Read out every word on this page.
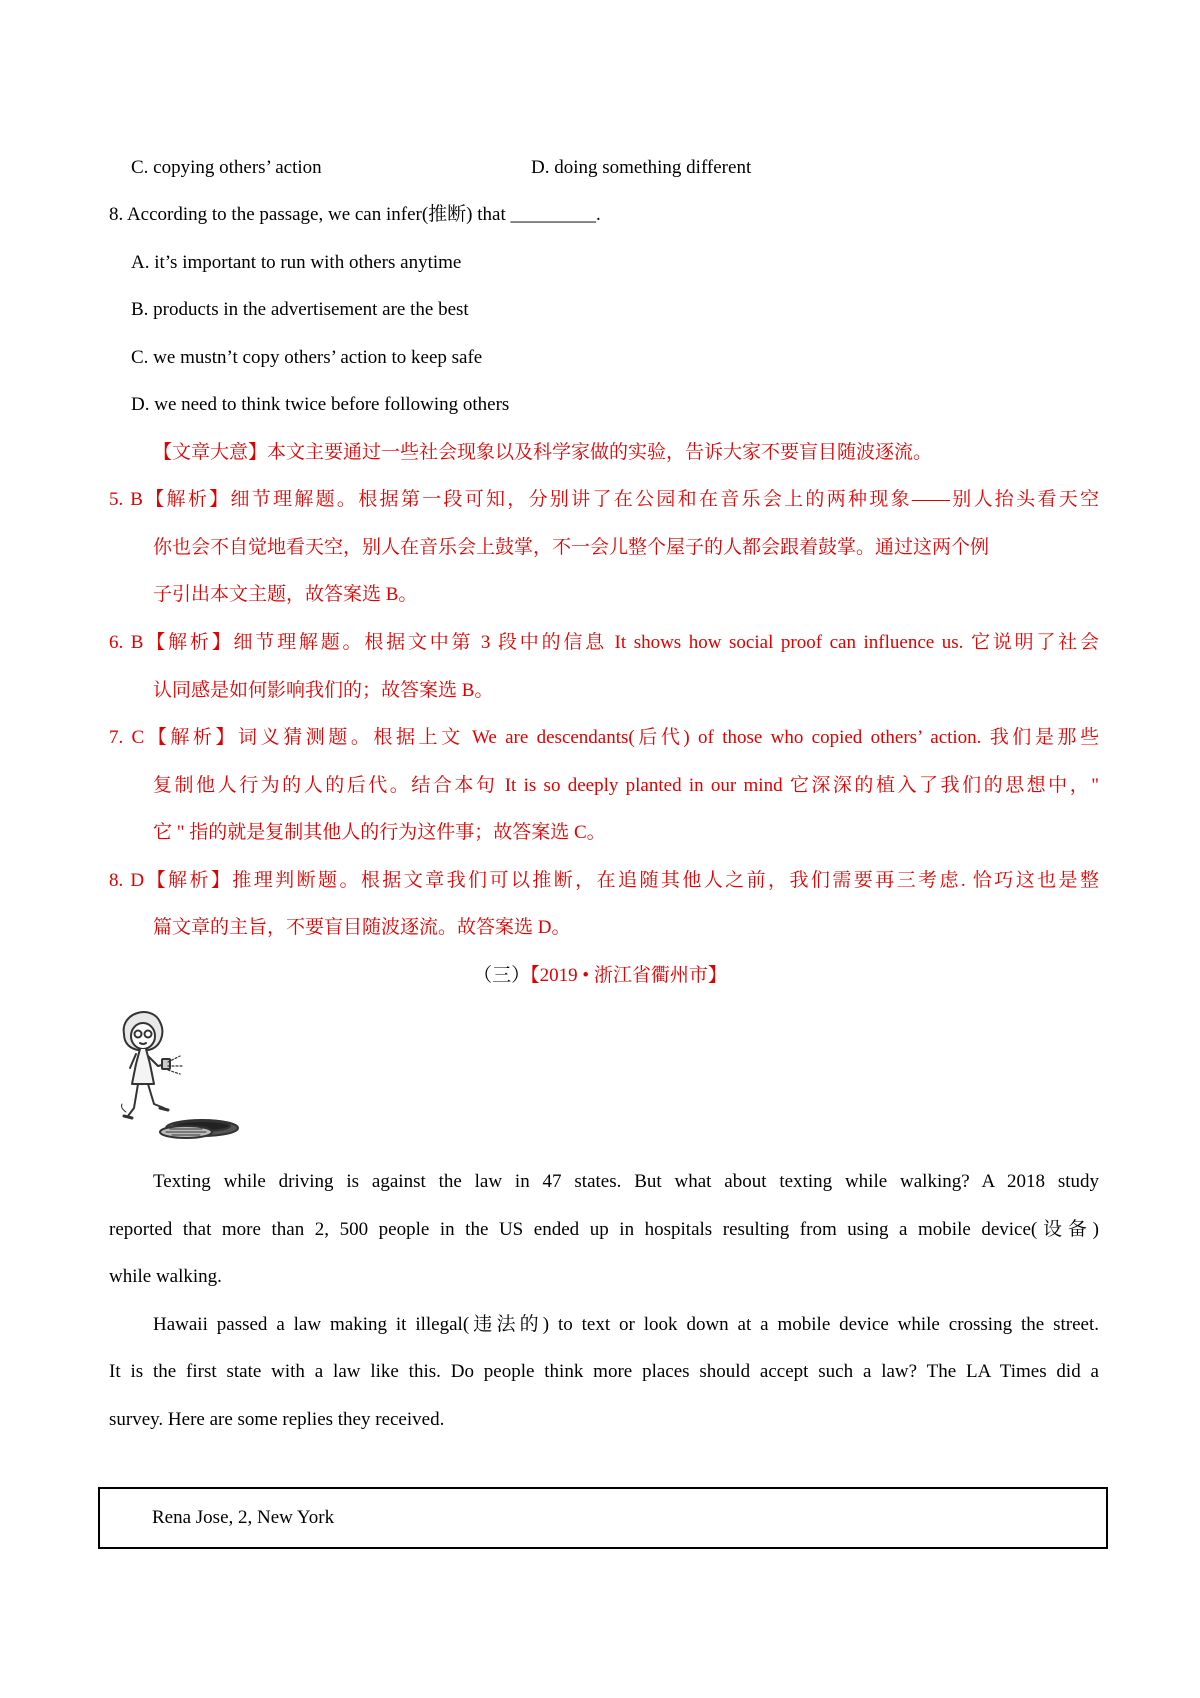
C. copying others’ action	D. doing something different
8. According to the passage, we can infer(推断) that _________.
A. it’s important to run with others anytime
B. products in the advertisement are the best
C. we mustn’t copy others’ action to keep safe
D. we need to think twice before following others
【文章大意】本文主要通过一些社会现象以及科学家做的实验，告诉大家不要盲目随波逐流。
5. B【解析】细节理解题。根据第一段可知，分别讲了在公园和在音乐会上的两种现象——别人抬头看天空
你也会不自觉地看天空，别人在音乐会上鼓掌，不一会儿整个屋子的人都会跟着鼓掌。通过这两个例
子引出本文主题，故答案选 B。
6. B【解析】细节理解题。根据文中第 3 段中的信息 It shows how social proof can influence us. 它说明了社会
认同感是如何影响我们的；故答案选 B。
7. C【解析】词义猜测题。根据上文 We are descendants(后代) of those who copied others’ action. 我们是那些
复制他人行为的人的后代。结合本句 It is so deeply planted in our mind 它深深的植入了我们的思想中，"
它 " 指的就是复制其他人的行为这件事；故答案选 C。
8. D【解析】推理判断题。根据文章我们可以推断，在追随其他人之前，我们需要再三考虑. 恰巧这也是整
篇文章的主旨，不要盲目随波逐流。故答案选 D。
（三）【2019 • 浙江省衢州市】
Texting while driving is against the law in 47 states. But what about texting while walking? A 2018 study
reported that more than 2, 500 people in the US ended up in hospitals resulting from using a mobile device(设备)
while walking.
Hawaii passed a law making it illegal(违法的) to text or look down at a mobile device while crossing the street.
It is the first state with a law like this. Do people think more places should accept such a law? The LA Times did a
survey. Here are some replies they received.
Rena Jose, 2, New York
